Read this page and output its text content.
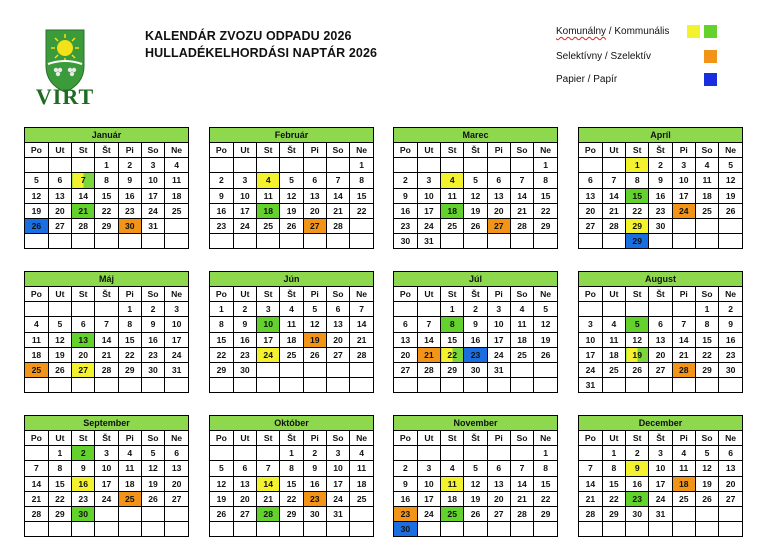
VIRT
KALENDÁR ZVOZU ODPADU 2026
HULLADÉKELHORDÁSI NAPTÁR 2026
Komunálny / Kommunális
Selektívny / Szelektív
Papier / Papír
Január						
Po	Ut	St	Št	Pi	So	Ne
			1	2	3	4
5	6	7	8	9	10	11
12	13	14	15	16	17	18
19	20	21	22	23	24	25
26	27	28	29	30	31	

Február						
Po	Ut	St	Št	Pi	So	Ne
						1
2	3	4	5	6	7	8
9	10	11	12	13	14	15
16	17	18	19	20	21	22
23	24	25	26	27	28	

Marec						
Po	Ut	St	Št	Pi	So	Ne
						1
2	3	4	5	6	7	8
9	10	11	12	13	14	15
16	17	18	19	20	21	22
23	24	25	26	27	28	29
30	31					
Apríl						
Po	Ut	St	Št	Pi	So	Ne
		1	2	3	4	5
6	7	8	9	10	11	12
13	14	15	16	17	18	19
20	21	22	23	24	25	26
27	28	29	30			
		29				
Máj						
Po	Ut	St	Št	Pi	So	Ne
				1	2	3
4	5	6	7	8	9	10
11	12	13	14	15	16	17
18	19	20	21	22	23	24
25	26	27	28	29	30	31

Jún						
Po	Ut	St	Št	Pi	So	Ne
1	2	3	4	5	6	7
8	9	10	11	12	13	14
15	16	17	18	19	20	21
22	23	24	25	26	27	28
29	30					

Júl						
Po	Ut	St	Št	Pi	So	Ne
		1	2	3	4	5
6	7	8	9	10	11	12
13	14	15	16	17	18	19
20	21	22	23	24	25	26
27	28	29	30	31		

August						
Po	Ut	St	Št	Pi	So	Ne
					1	2
3	4	5	6	7	8	9
10	11	12	13	14	15	16
17	18	19	20	21	22	23
24	25	26	27	28	29	30
31						
September						
Po	Ut	St	Št	Pi	So	Ne
	1	2	3	4	5	6
7	8	9	10	11	12	13
14	15	16	17	18	19	20
21	22	23	24	25	26	27
28	29	30				

Október						
Po	Ut	St	Št	Pi	So	Ne
			1	2	3	4
5	6	7	8	9	10	11
12	13	14	15	16	17	18
19	20	21	22	23	24	25
26	27	28	29	30	31	

November						
Po	Ut	St	Št	Pi	So	Ne
						1
2	3	4	5	6	7	8
9	10	11	12	13	14	15
16	17	18	19	20	21	22
23	24	25	26	27	28	29
30						
December						
Po	Ut	St	Št	Pi	So	Ne
	1	2	3	4	5	6
7	8	9	10	11	12	13
14	15	16	17	18	19	20
21	22	23	24	25	26	27
28	29	30	31			
